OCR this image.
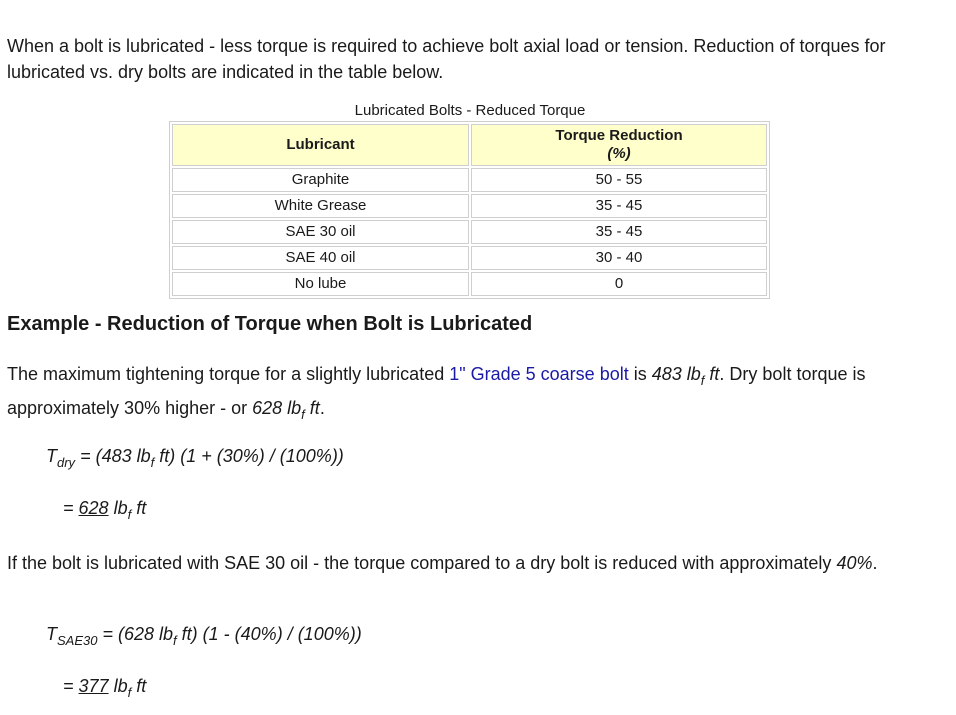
When a bolt is lubricated - less torque is required to achieve bolt axial load or tension. Reduction of torques for lubricated vs. dry bolts are indicated in the table below.

Lubricated Bolts - Reduced Torque
Lubricant	Torque Reduction
(%)
Graphite	50 - 55
White Grease	35 - 45
SAE 30 oil	35 - 45
SAE 40 oil	30 - 40
No lube	0
Example - Reduction of Torque when Bolt is Lubricated

The maximum tightening torque for a slightly lubricated 1" Grade 5 coarse bolt is 483 $lb_f$ ft. Dry bolt torque is approximately 30% higher - or 628 $lb_f$ ft.

$T_{dry} = (483$ $lb_f$ ft) (1 + (30%) / (100%))

= 628 $lb_f$ ft

If the bolt is lubricated with SAE 30 oil - the torque compared to a dry bolt is reduced with approximately 40%.

$T_{SAE30} = (628$ $lb_f$ ft) (1 - (40%) / (100%))

= 377 $lb_f$ ft
